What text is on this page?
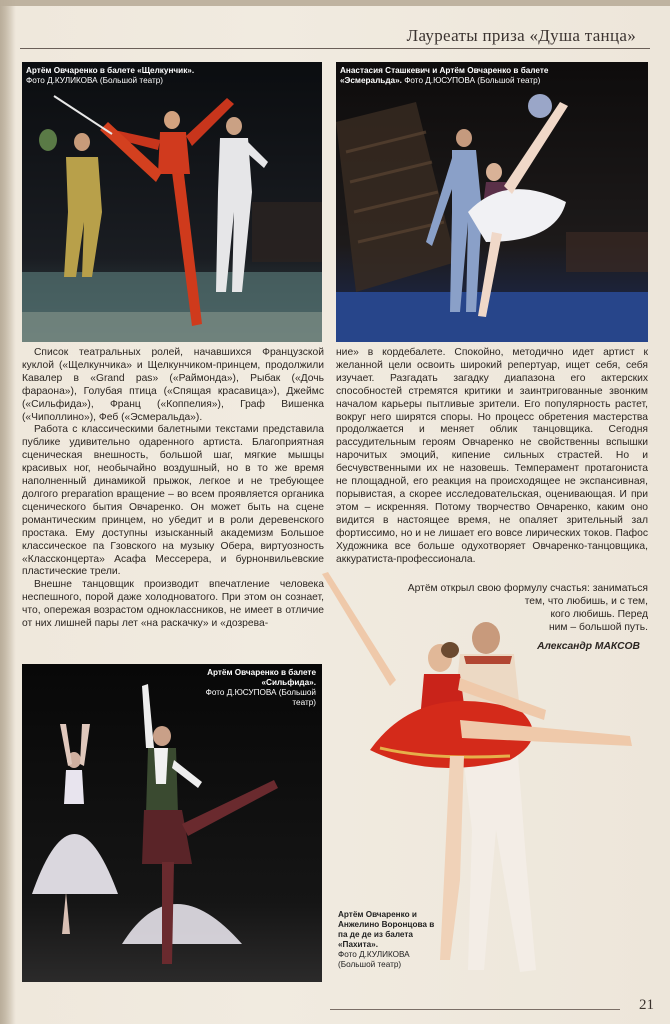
Лауреаты приза «Душа танца»
Артём Овчаренко в балете «Щелкунчик».
Фото Д.КУЛИКОВА (Большой театр)
Анастасия Сташкевич и Артём Овчаренко в балете «Эсмеральда». Фото Д.ЮСУПОВА (Большой театр)

Список театральных ролей, начавшихся Французской куклой («Щелкунчика» и Щелкунчиком-принцем, продолжили Кавалер в «Grand pas» («Раймонда»), Рыбак («Дочь фараона»), Голубая птица («Спящая красавица»), Джеймс («Сильфида»), Франц («Коппелия»), Граф Вишенка («Чиполлино»), Феб («Эсмеральда»).

Работа с классическими балетными текстами представила публике удивительно одаренного артиста. Благоприятная сценическая внешность, большой шаг, мягкие мышцы красивых ног, необычайно воздушный, но в то же время наполненный динамикой прыжок, легкое и не требующее долгого preparation вращение – во всем проявляется органика сценического бытия Овчаренко. Он может быть на сцене романтическим принцем, но убедит и в роли деревенского простака. Ему доступны изысканный академизм Большое классическое па Гзовского на музыку Обера, виртуозность «Классконцерта» Асафа Мессерера, и бурнонвильевские пластические трели.

Внешне танцовщик производит впечатление человека неспешного, порой даже холодноватого. При этом он сознает, что, опережая возрастом одноклассников, не имеет в отличие от них лишней пары лет «на раскачку» и «дозрева-

ние» в кордебалете. Спокойно, методично идет артист к желанной цели освоить широкий репертуар, ищет себя, себя изучает. Разгадать загадку диапазона его актерских способностей стремятся критики и заинтригованные звонким началом карьеры пытливые зрители. Его популярность растет, вокруг него ширятся споры. Но процесс обретения мастерства продолжается и меняет облик танцовщика. Сегодня рассудительным героям Овчаренко не свойственны вспышки нарочитых эмоций, кипение сильных страстей. Но и бесчувственными их не назовешь. Темперамент протагониста не площадной, его реакция на происходящее не экспансивная, порывистая, а скорее исследовательская, оценивающая. И при этом – искренняя. Потому творчество Овчаренко, каким оно видится в настоящее время, не опаляет зрительный зал фортиссимо, но и не лишает его вовсе лирических токов. Пафос Художника все больше одухотворяет Овчаренко-танцовщика, аккуратиста-профессионала.

Артём открыл свою формулу счастья: заниматься
тем, что любишь, и с тем,
кого любишь. Перед
ним – большой путь.
Александр МАКСОВ
Артём Овчаренко в балете «Сильфида».
Фото Д.ЮСУПОВА (Большой театр)
Артём Овчаренко и Анжелино Воронцова в па де де из балета «Пахита».
Фото Д.КУЛИКОВА (Большой театр)
21
